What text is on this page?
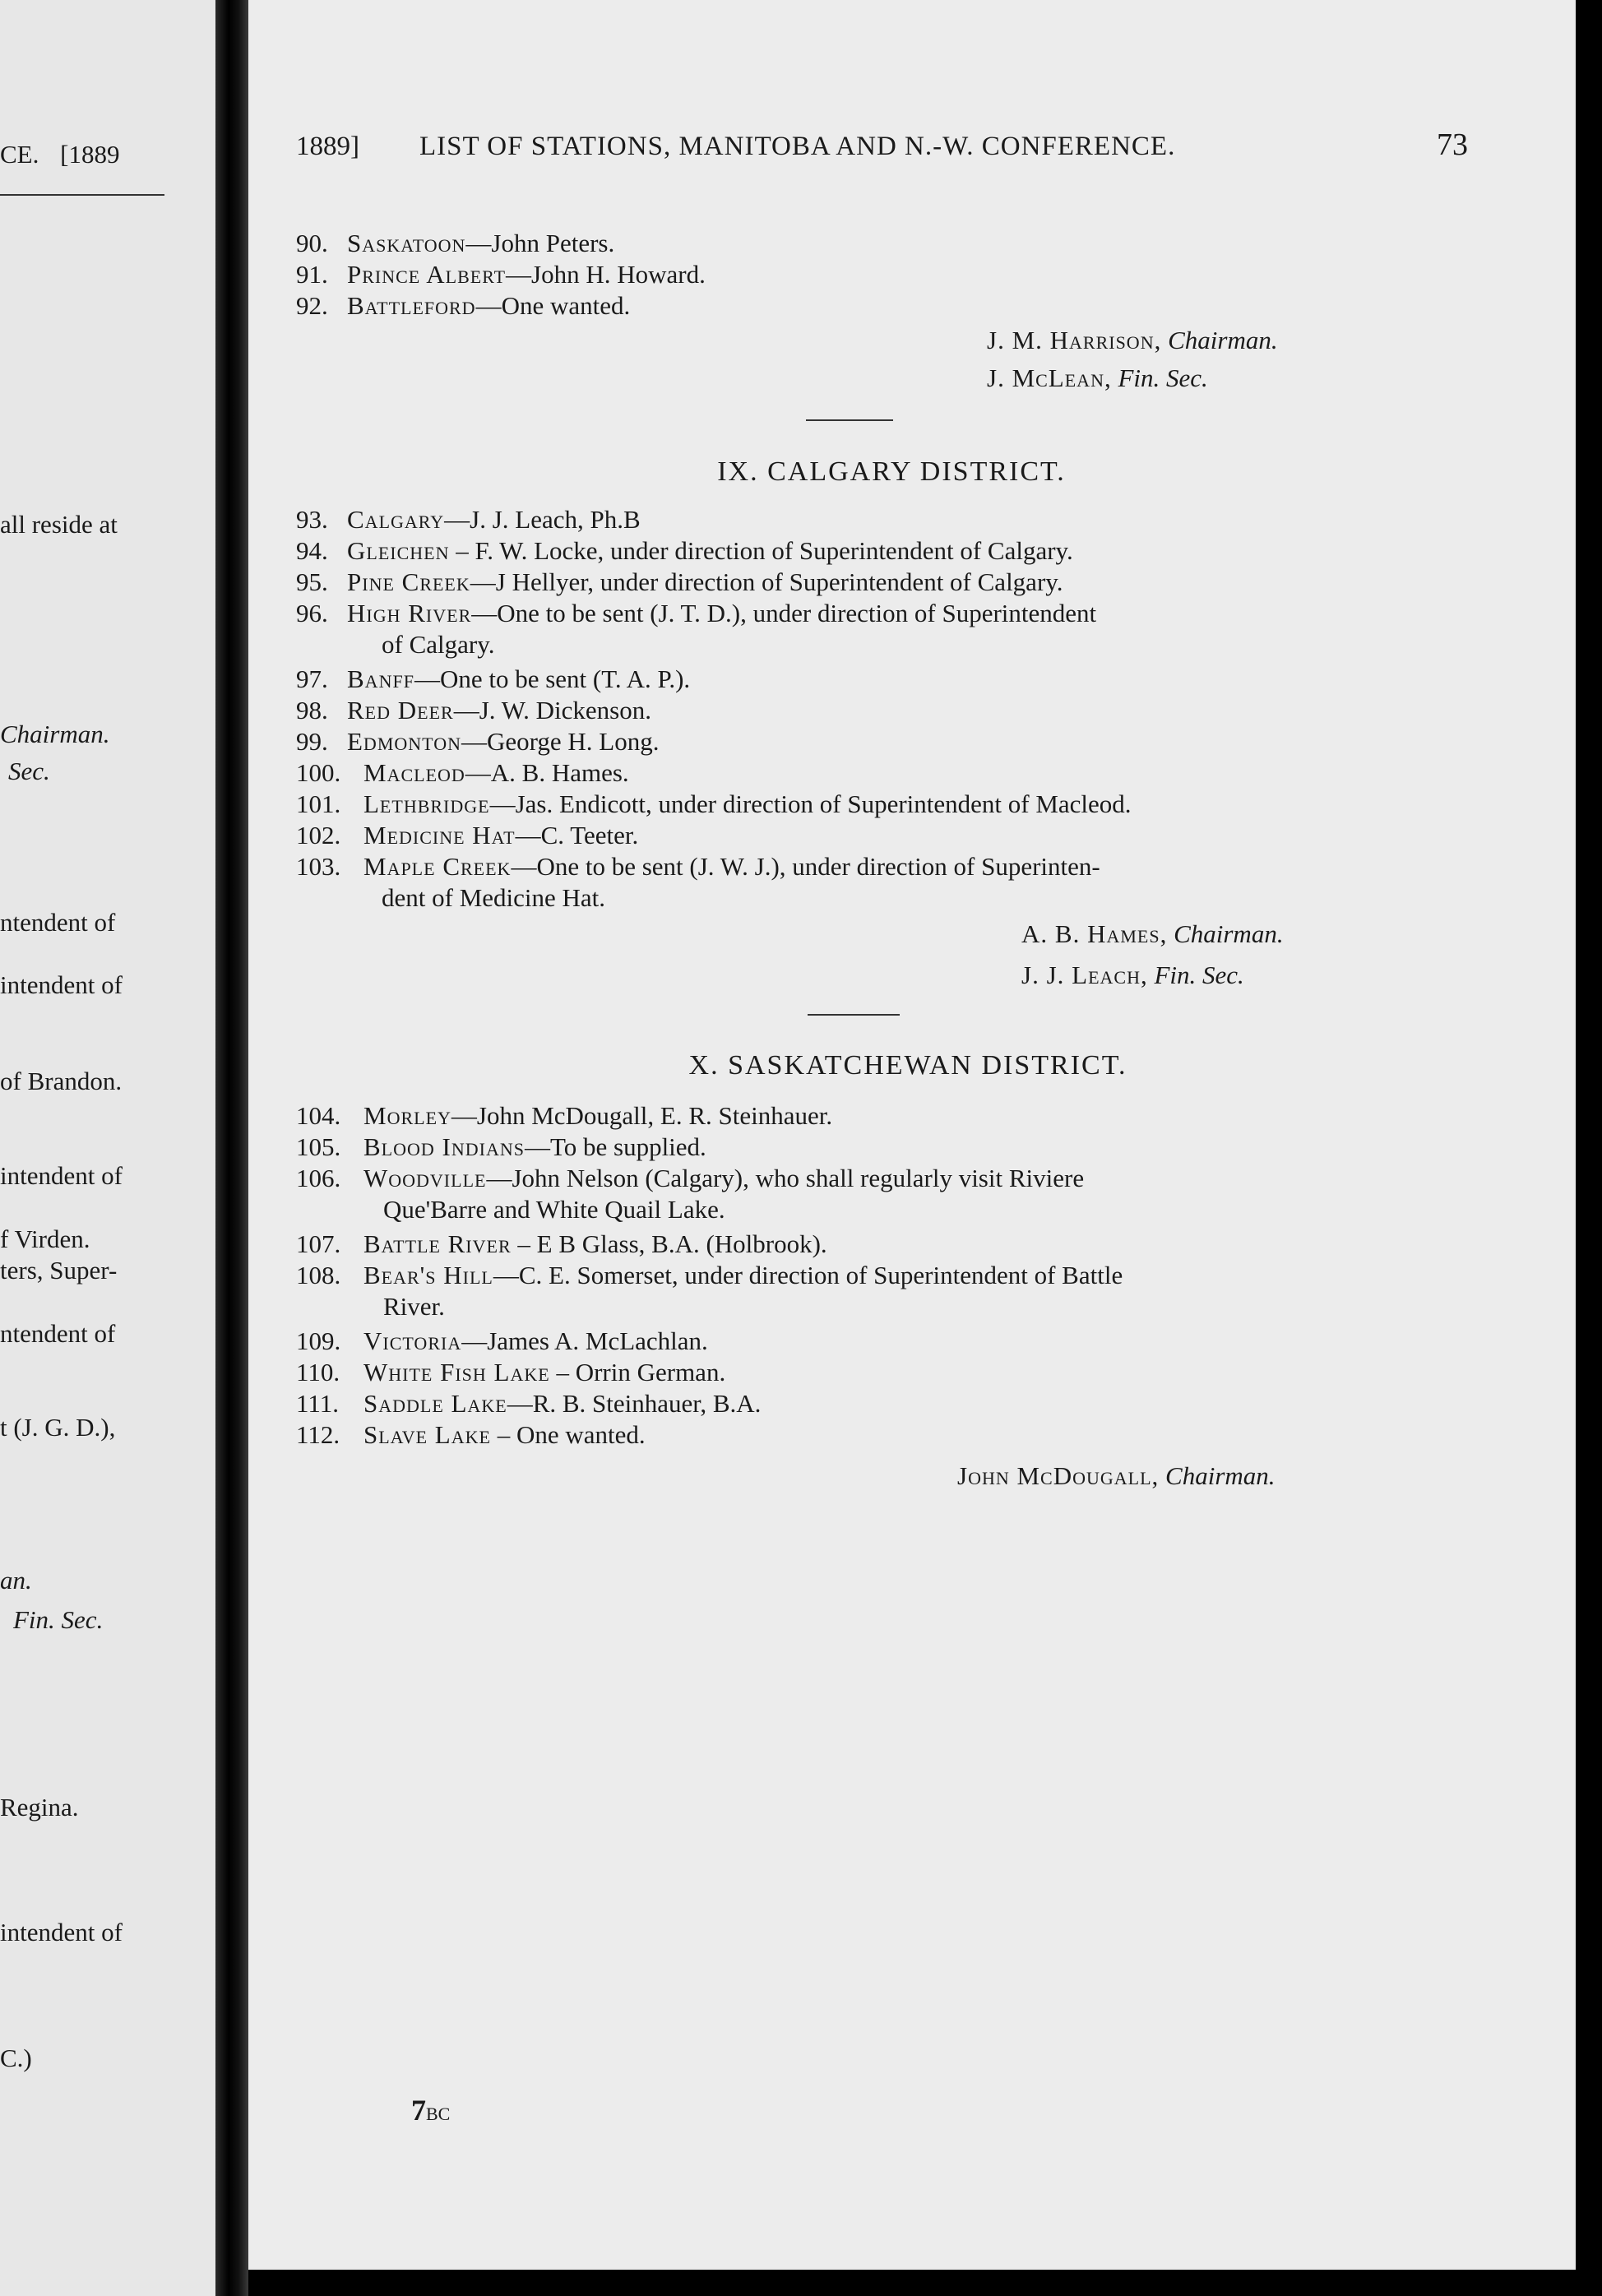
CE. [1889
all reside at
Chairman.
Sec.
ntendent of
intendent of
of Brandon.
intendent of
f Virden.
ters, Super-
ntendent of
t (J. G. D.),
an.
Fin. Sec.
Regina.
intendent of
C.)
1889] LIST OF STATIONS, MANITOBA AND N.-W. CONFERENCE.	73
90. Saskatoon—John Peters.
91. Prince Albert—John H. Howard.
92. Battleford—One wanted.
J. M. Harrison, Chairman.
J. McLean, Fin. Sec.
IX. CALGARY DISTRICT.
93. Calgary—J. J. Leach, Ph.B
94. Gleichen – F. W. Locke, under direction of Superintendent of Calgary.
95. Pine Creek—J Hellyer, under direction of Superintendent of Calgary.
96. High River—One to be sent (J. T. D.), under direction of Superintendent
of Calgary.
97. Banff—One to be sent (T. A. P.).
98. Red Deer—J. W. Dickenson.
99. Edmonton—George H. Long.
100. Macleod—A. B. Hames.
101. Lethbridge—Jas. Endicott, under direction of Superintendent of Macleod.
102. Medicine Hat—C. Teeter.
103. Maple Creek—One to be sent (J. W. J.), under direction of Superinten-
dent of Medicine Hat.
A. B. Hames, Chairman.
J. J. Leach, Fin. Sec.
X. SASKATCHEWAN DISTRICT.
104. Morley—John McDougall, E. R. Steinhauer.
105. Blood Indians—To be supplied.
106. Woodville—John Nelson (Calgary), who shall regularly visit Riviere
Que'Barre and White Quail Lake.
107. Battle River – E B Glass, B.A. (Holbrook).
108. Bear's Hill—C. E. Somerset, under direction of Superintendent of Battle
River.
109. Victoria—James A. McLachlan.
110. White Fish Lake – Orrin German.
111. Saddle Lake—R. B. Steinhauer, B.A.
112. Slave Lake – One wanted.
John McDougall, Chairman.
7BC
